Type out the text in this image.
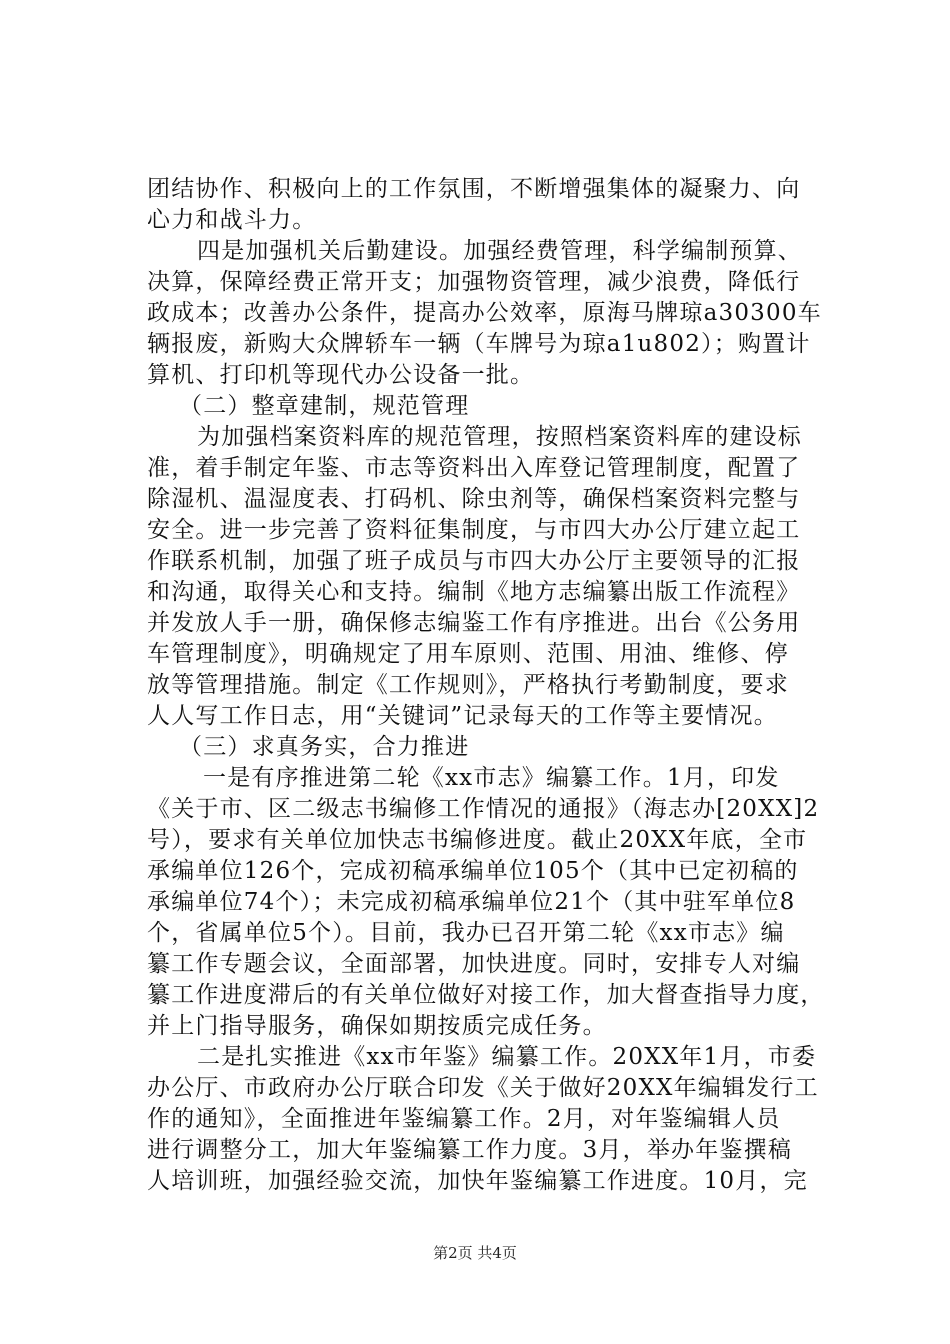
团结协作、积极向上的工作氛围，不断增强集体的凝聚力、向
心力和战斗力。
四是加强机关后勤建设。加强经费管理，科学编制预算、
决算，保障经费正常开支；加强物资管理，减少浪费，降低行
政成本；改善办公条件，提高办公效率，原海马牌琼a30300车
辆报废，新购大众牌轿车一辆（车牌号为琼a1u802）；购置计
算机、打印机等现代办公设备一批。
（二）整章建制，规范管理
为加强档案资料库的规范管理，按照档案资料库的建设标
准，着手制定年鉴、市志等资料出入库登记管理制度，配置了
除湿机、温湿度表、打码机、除虫剂等，确保档案资料完整与
安全。进一步完善了资料征集制度，与市四大办公厅建立起工
作联系机制，加强了班子成员与市四大办公厅主要领导的汇报
和沟通，取得关心和支持。编制《地方志编纂出版工作流程》
并发放人手一册，确保修志编鉴工作有序推进。出台《公务用
车管理制度》，明确规定了用车原则、范围、用油、维修、停
放等管理措施。制定《工作规则》，严格执行考勤制度，要求
人人写工作日志，用“关键词”记录每天的工作等主要情况。
（三）求真务实，合力推进
一是有序推进第二轮《xx市志》编纂工作。1月，印发
《关于市、区二级志书编修工作情况的通报》（海志办[20XX]2
号），要求有关单位加快志书编修进度。截止20XX年底，全市
承编单位126个，完成初稿承编单位105个（其中已定初稿的
承编单位74个）；未完成初稿承编单位21个（其中驻军单位8
个，省属单位5个）。目前，我办已召开第二轮《xx市志》编
纂工作专题会议，全面部署，加快进度。同时，安排专人对编
纂工作进度滞后的有关单位做好对接工作，加大督查指导力度，
并上门指导服务，确保如期按质完成任务。
二是扎实推进《xx市年鉴》编纂工作。20XX年1月，市委
办公厅、市政府办公厅联合印发《关于做好20XX年编辑发行工
作的通知》，全面推进年鉴编纂工作。2月，对年鉴编辑人员
进行调整分工，加大年鉴编纂工作力度。3月，举办年鉴撰稿
人培训班，加强经验交流，加快年鉴编纂工作进度。10月，完
第2页 共4页
